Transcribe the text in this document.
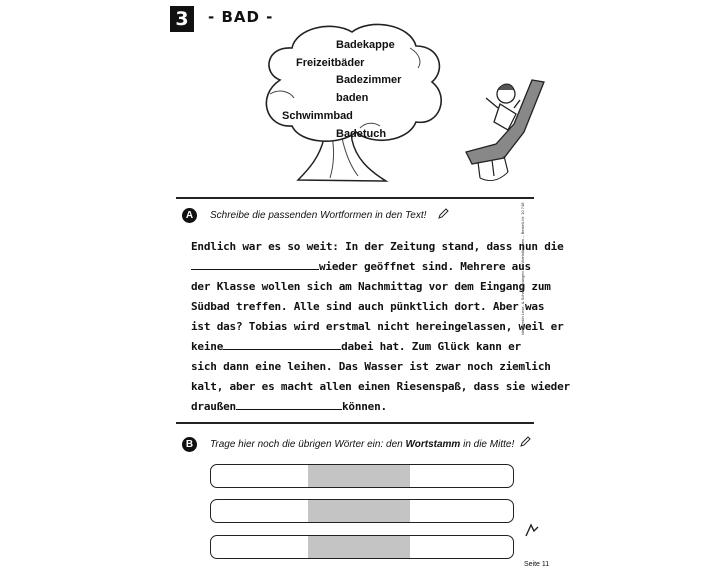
3	- BAD -
Badekappe
Freizeitbäder
Badezimmer
baden
Schwimmbad
Badetuch
A	Schreibe die passenden Wortformen in den Text!
Endlich war es so weit: In der Zeitung stand, dass nun die
wieder geöffnet sind. Mehrere aus
der Klasse wollen sich am Nachmittag vor dem Eingang zum
Südbad treffen. Alle sind auch pünktlich dort. Aber was
ist das? Tobias wird erstmal nicht hereingelassen, weil er
keine	dabei hat. Zum Glück kann er
sich dann eine leihen. Das Wasser ist zwar noch ziemlich
kalt, aber es macht allen einen Riesenspaß, dass sie wieder
draußen	können.
B	Trage hier noch die übrigen Wörter ein: den Wortstamm in die Mitte!
Ideenreich Lese- & Schreibübungen mit Wortstämmen – Bestell-Nr. 10 748
Seite 11
